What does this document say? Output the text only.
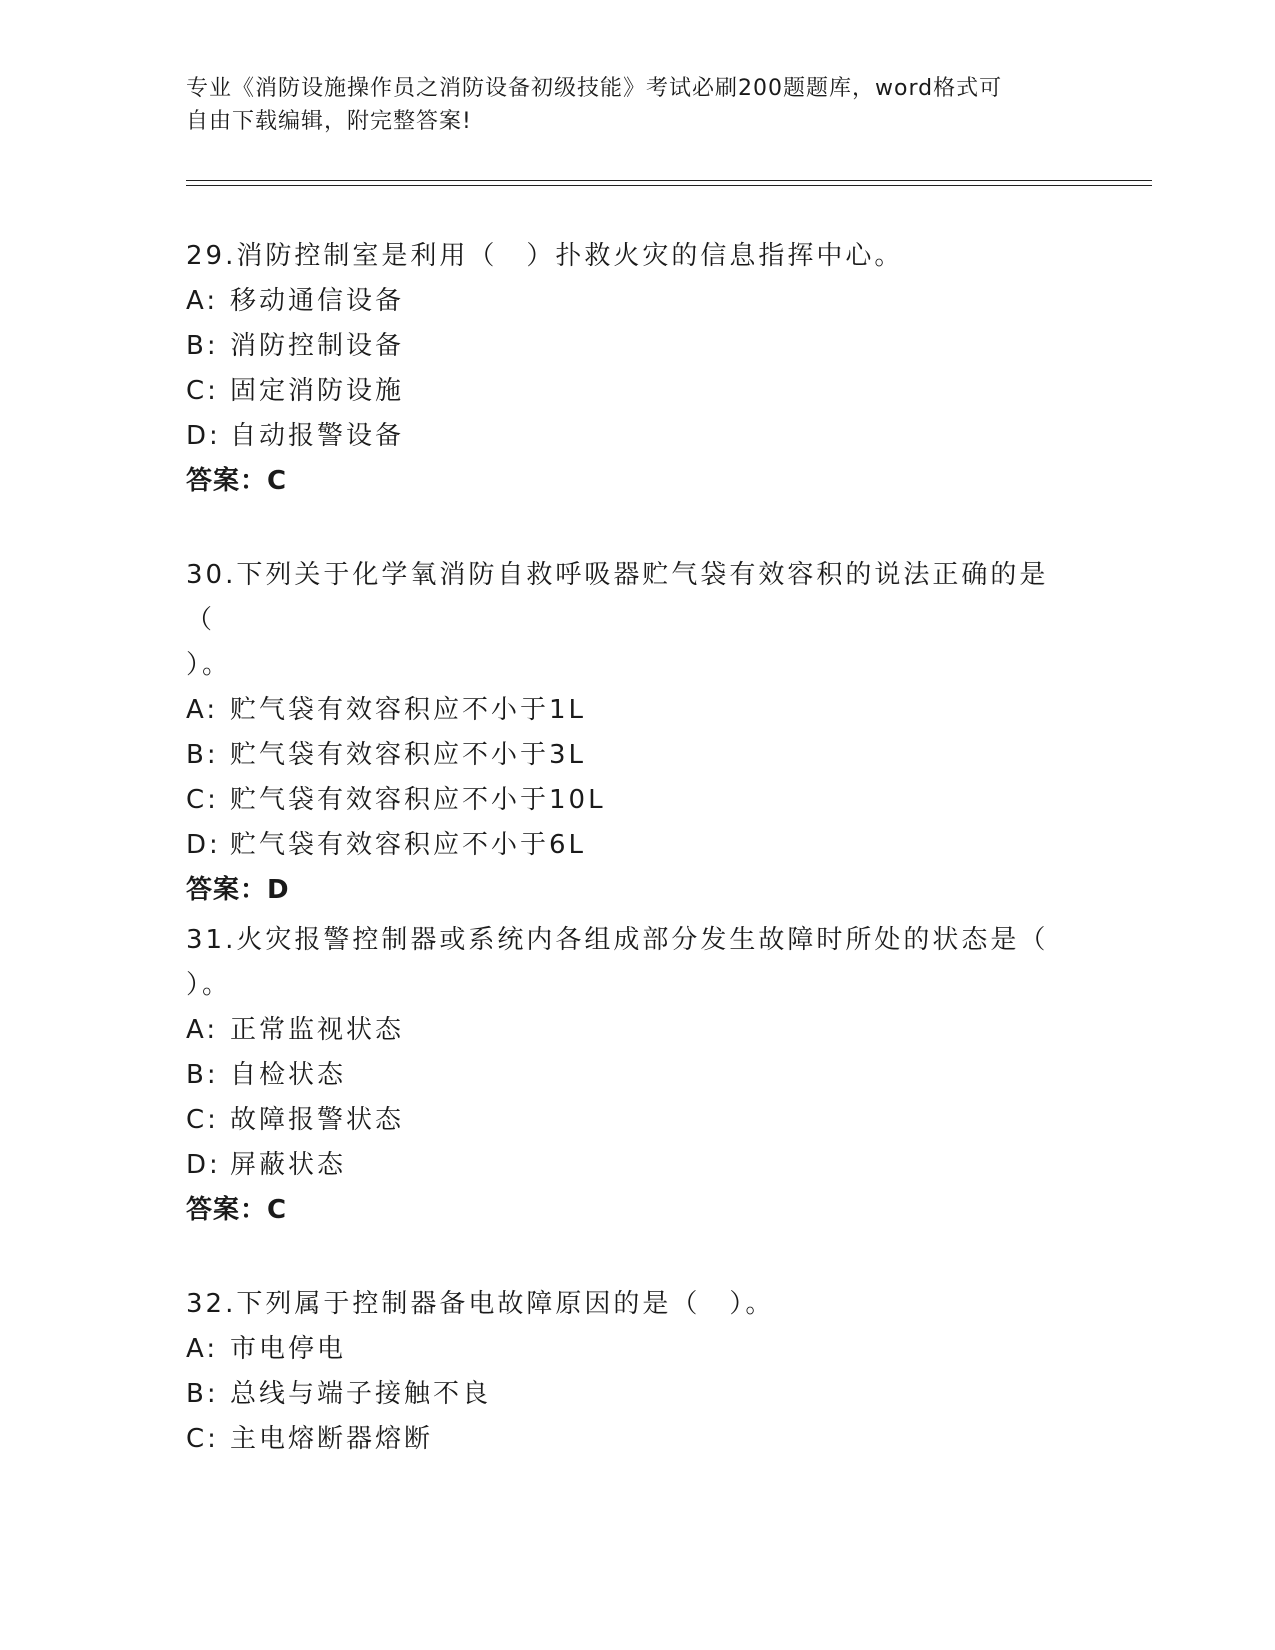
专业《消防设施操作员之消防设备初级技能》考试必刷200题题库，word格式可
自由下载编辑，附完整答案!

29.消防控制室是利用（　）扑救火灾的信息指挥中心。

A: 移动通信设备

B: 消防控制设备

C: 固定消防设施

D: 自动报警设备

答案：C

30.下列关于化学氧消防自救呼吸器贮气袋有效容积的说法正确的是（

）。

A: 贮气袋有效容积应不小于1L

B: 贮气袋有效容积应不小于3L

C: 贮气袋有效容积应不小于10L

D: 贮气袋有效容积应不小于6L

答案：D

31.火灾报警控制器或系统内各组成部分发生故障时所处的状态是（

）。

A: 正常监视状态

B: 自检状态

C: 故障报警状态

D: 屏蔽状态

答案：C

32.下列属于控制器备电故障原因的是（　）。

A: 市电停电

B: 总线与端子接触不良

C: 主电熔断器熔断
